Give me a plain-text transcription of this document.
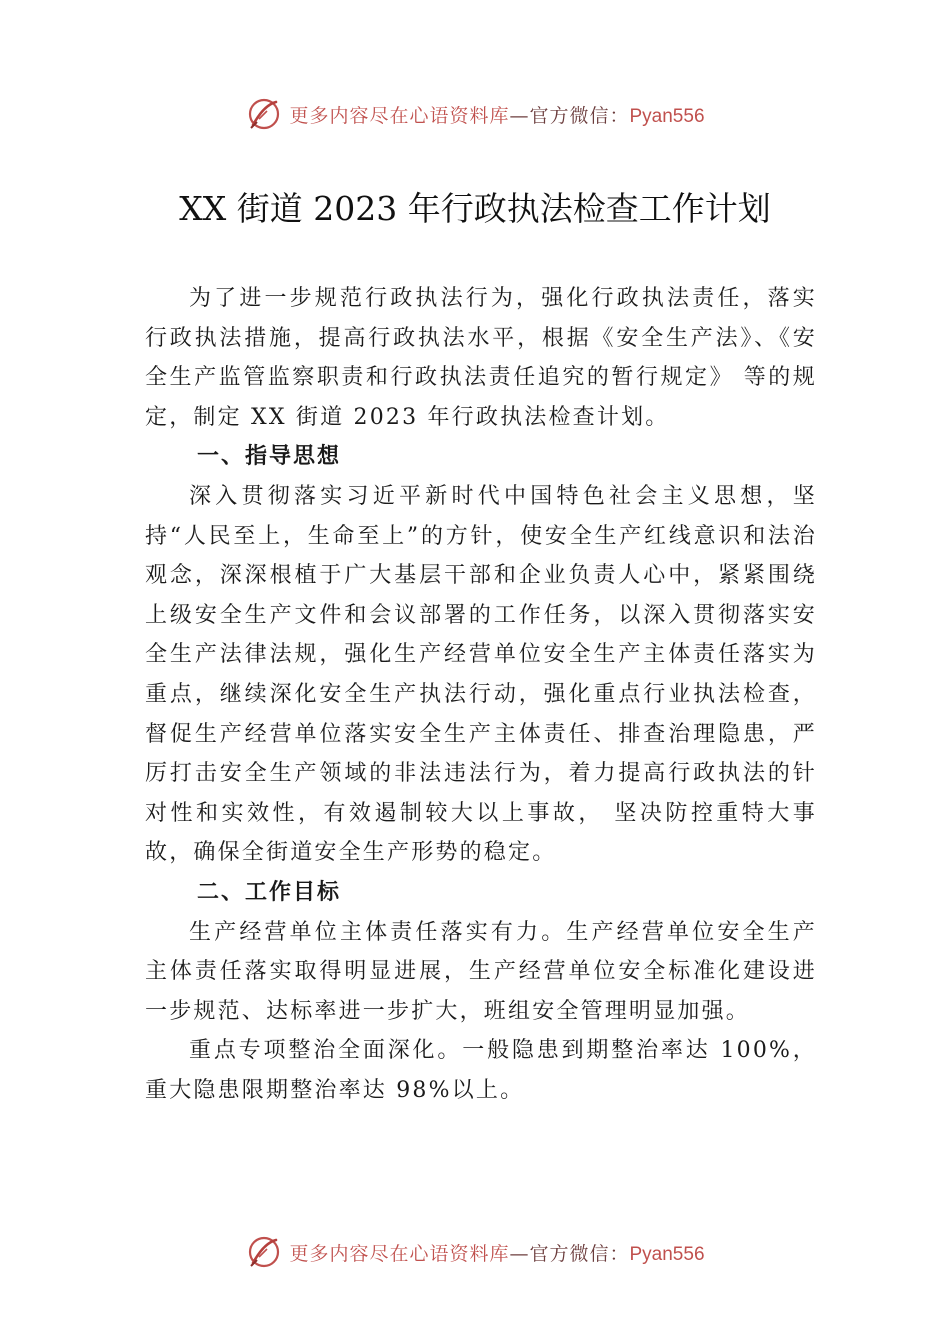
更多内容尽在心语资料库—官方微信：Pyan556
XX 街道 2023 年行政执法检查工作计划

为了进一步规范行政执法行为，强化行政执法责任，落实行政执法措施，提高行政执法水平，根据《安全生产法》、《安全生产监管监察职责和行政执法责任追究的暂行规定》 等的规定，制定 XX 街道 2023 年行政执法检查计划。

一、指导思想

深入贯彻落实习近平新时代中国特色社会主义思想，坚持“人民至上，生命至上”的方针，使安全生产红线意识和法治观念，深深根植于广大基层干部和企业负责人心中，紧紧围绕上级安全生产文件和会议部署的工作任务，以深入贯彻落实安全生产法律法规，强化生产经营单位安全生产主体责任落实为重点，继续深化安全生产执法行动，强化重点行业执法检查，督促生产经营单位落实安全生产主体责任、排查治理隐患，严厉打击安全生产领域的非法违法行为，着力提高行政执法的针对性和实效性，有效遏制较大以上事故， 坚决防控重特大事故，确保全街道安全生产形势的稳定。

二、工作目标

生产经营单位主体责任落实有力。生产经营单位安全生产主体责任落实取得明显进展，生产经营单位安全标准化建设进一步规范、达标率进一步扩大，班组安全管理明显加强。

重点专项整治全面深化。一般隐患到期整治率达 100%，重大隐患限期整治率达 98%以上。

更多内容尽在心语资料库—官方微信：Pyan556
